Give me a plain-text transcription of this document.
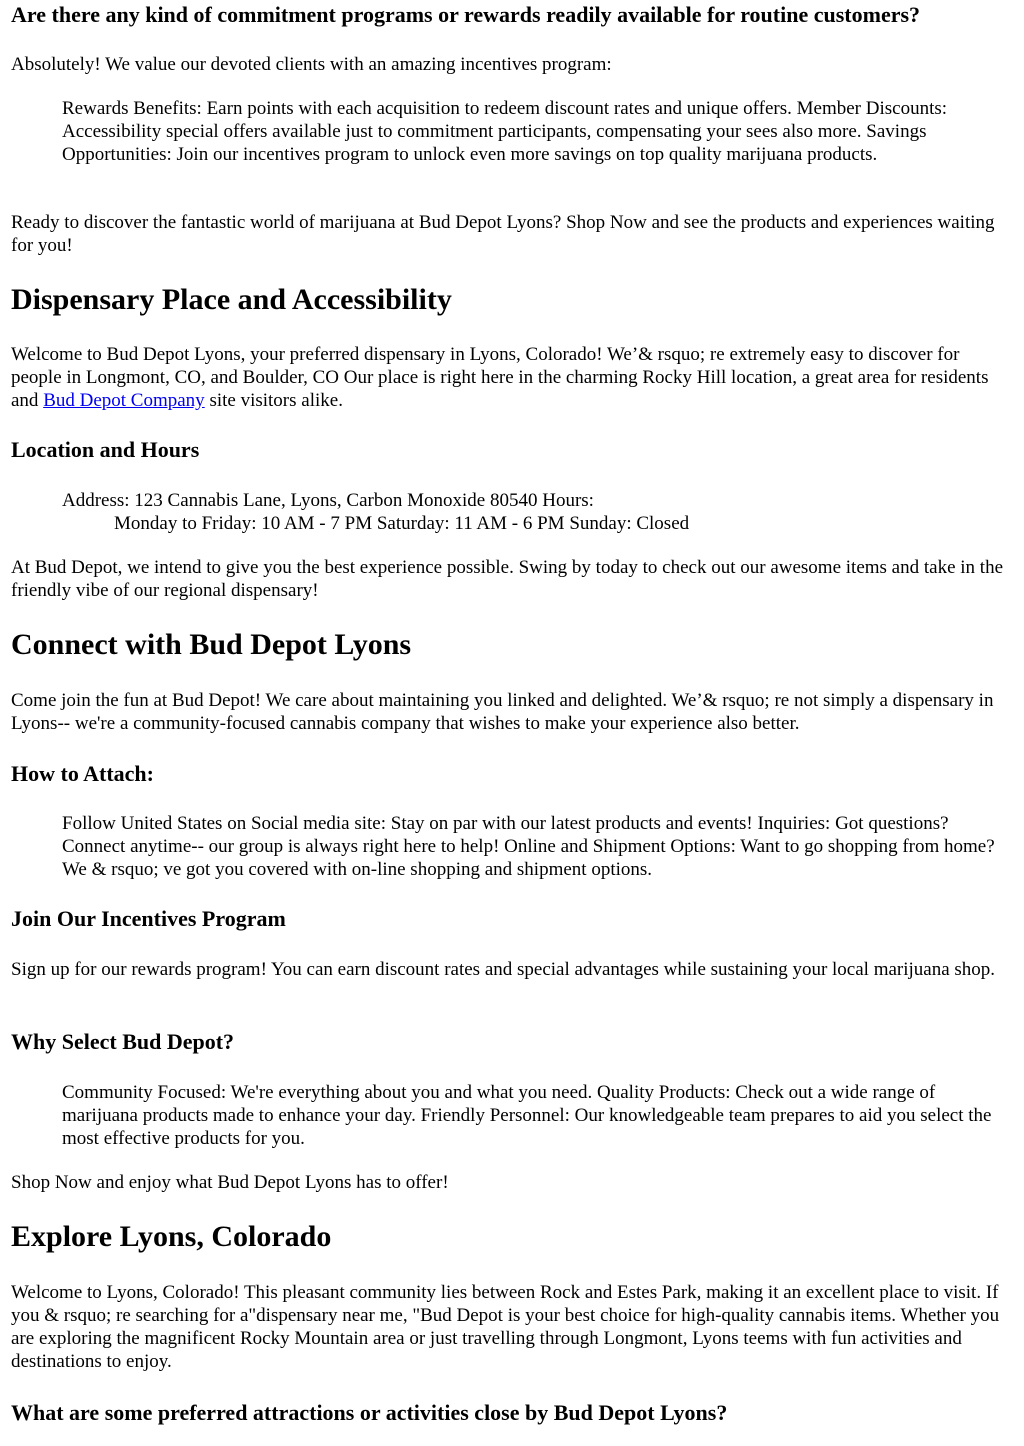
Are there any kind of commitment programs or rewards readily available for routine customers?

Absolutely! We value our devoted clients with an amazing incentives program:

Rewards Benefits: Earn points with each acquisition to redeem discount rates and unique offers. Member Discounts: Accessibility special offers available just to commitment participants, compensating your sees also more. Savings Opportunities: Join our incentives program to unlock even more savings on top quality marijuana products.

Ready to discover the fantastic world of marijuana at Bud Depot Lyons? Shop Now and see the products and experiences waiting for you!

Dispensary Place and Accessibility

Welcome to Bud Depot Lyons, your preferred dispensary in Lyons, Colorado! We’& rsquo; re extremely easy to discover for people in Longmont, CO, and Boulder, CO Our place is right here in the charming Rocky Hill location, a great area for residents and Bud Depot Company site visitors alike.

Location and Hours

Address: 123 Cannabis Lane, Lyons, Carbon Monoxide 80540 Hours:

Monday to Friday: 10 AM - 7 PM Saturday: 11 AM - 6 PM Sunday: Closed

At Bud Depot, we intend to give you the best experience possible. Swing by today to check out our awesome items and take in the friendly vibe of our regional dispensary!

Connect with Bud Depot Lyons

Come join the fun at Bud Depot! We care about maintaining you linked and delighted. We’& rsquo; re not simply a dispensary in Lyons-- we're a community-focused cannabis company that wishes to make your experience also better.

How to Attach:

Follow United States on Social media site: Stay on par with our latest products and events! Inquiries: Got questions? Connect anytime-- our group is always right here to help! Online and Shipment Options: Want to go shopping from home? We & rsquo; ve got you covered with on-line shopping and shipment options.

Join Our Incentives Program

Sign up for our rewards program! You can earn discount rates and special advantages while sustaining your local marijuana shop.

Why Select Bud Depot?

Community Focused: We're everything about you and what you need. Quality Products: Check out a wide range of marijuana products made to enhance your day. Friendly Personnel: Our knowledgeable team prepares to aid you select the most effective products for you.

Shop Now and enjoy what Bud Depot Lyons has to offer!

Explore Lyons, Colorado

Welcome to Lyons, Colorado! This pleasant community lies between Rock and Estes Park, making it an excellent place to visit. If you & rsquo; re searching for a"dispensary near me, "Bud Depot is your best choice for high-quality cannabis items. Whether you are exploring the magnificent Rocky Mountain area or just travelling through Longmont, Lyons teems with fun activities and destinations to enjoy.

What are some preferred attractions or activities close by Bud Depot Lyons?
